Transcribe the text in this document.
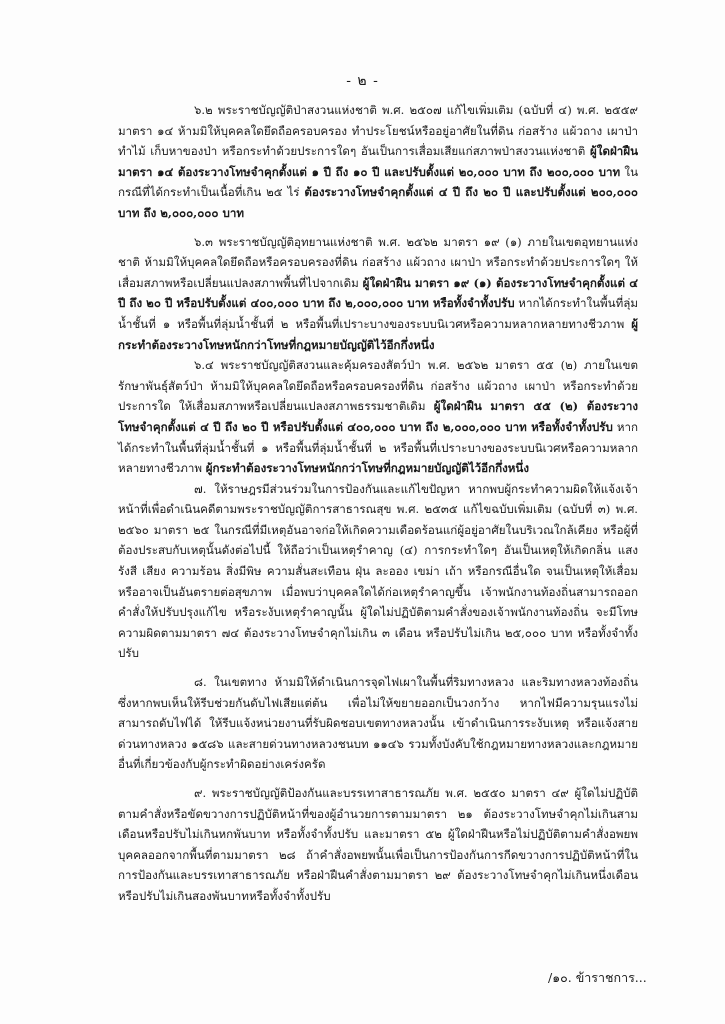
- ๒ -

๖.๒ พระราชบัญญัติป่าสงวนแห่งชาติ พ.ศ. ๒๕๐๗ แก้ไขเพิ่มเติม (ฉบับที่ ๔) พ.ศ. ๒๕๕๙ มาตรา ๑๔ ห้ามมิให้บุคคลใดยึดถือครอบครอง ทำประโยชน์หรืออยู่อาศัยในที่ดิน ก่อสร้าง แผ้วถาง เผาป่า ทำไม้ เก็บหาของป่า หรือกระทำด้วยประการใดๆ อันเป็นการเสื่อมเสียแก่สภาพป่าสงวนแห่งชาติ ผู้ใดฝ่าฝืน มาตรา ๑๔ ต้องระวางโทษจำคุกตั้งแต่ ๑ ปี ถึง ๑๐ ปี และปรับตั้งแต่ ๒๐,๐๐๐ บาท ถึง ๒๐๐,๐๐๐ บาท ในกรณีที่ได้กระทำเป็นเนื้อที่เกิน ๒๕ ไร่ ต้องระวางโทษจำคุกตั้งแต่ ๔ ปี ถึง ๒๐ ปี และปรับตั้งแต่ ๒๐๐,๐๐๐ บาท ถึง ๒,๐๐๐,๐๐๐ บาท

๖.๓ พระราชบัญญัติอุทยานแห่งชาติ พ.ศ. ๒๕๖๒ มาตรา ๑๙ (๑) ภายในเขตอุทยานแห่งชาติ ห้ามมิให้บุคคลใดยึดถือหรือครอบครองที่ดิน ก่อสร้าง แผ้วถาง เผาป่า หรือกระทำด้วยประการใดๆ ให้เสื่อมสภาพหรือเปลี่ยนแปลงสภาพพื้นที่ไปจากเดิม ผู้ใดฝ่าฝืน มาตรา ๑๙ (๑) ต้องระวางโทษจำคุกตั้งแต่ ๔ ปี ถึง ๒๐ ปี หรือปรับตั้งแต่ ๔๐๐,๐๐๐ บาท ถึง ๒,๐๐๐,๐๐๐ บาท หรือทั้งจำทั้งปรับ หากได้กระทำในพื้นที่ลุ่มน้ำชั้นที่ ๑ หรือพื้นที่ลุ่มน้ำชั้นที่ ๒ หรือพื้นที่เปราะบางของระบบนิเวศหรือความหลากหลายทางชีวภาพ ผู้กระทำต้องระวางโทษหนักกว่าโทษที่กฎหมายบัญญัติไว้อีกกึ่งหนึ่ง

๖.๔ พระราชบัญญัติสงวนและคุ้มครองสัตว์ป่า พ.ศ. ๒๕๖๒ มาตรา ๕๕ (๒) ภายในเขตรักษาพันธุ์สัตว์ป่า ห้ามมิให้บุคคลใดยึดถือหรือครอบครองที่ดิน ก่อสร้าง แผ้วถาง เผาป่า หรือกระทำด้วยประการใด ให้เสื่อมสภาพหรือเปลี่ยนแปลงสภาพธรรมชาติเดิม ผู้ใดฝ่าฝืน มาตรา ๕๕ (๒) ต้องระวางโทษจำคุกตั้งแต่ ๔ ปี ถึง ๒๐ ปี หรือปรับตั้งแต่ ๔๐๐,๐๐๐ บาท ถึง ๒,๐๐๐,๐๐๐ บาท หรือทั้งจำทั้งปรับ หากได้กระทำในพื้นที่ลุ่มน้ำชั้นที่ ๑ หรือพื้นที่ลุ่มน้ำชั้นที่ ๒ หรือพื้นที่เปราะบางของระบบนิเวศหรือความหลากหลายทางชีวภาพ ผู้กระทำต้องระวางโทษหนักกว่าโทษที่กฎหมายบัญญัติไว้อีกกึ่งหนึ่ง

๗. ให้ราษฎรมีส่วนร่วมในการป้องกันและแก้ไขปัญหา หากพบผู้กระทำความผิดให้แจ้งเจ้าหน้าที่เพื่อดำเนินคดีตามพระราชบัญญัติการสาธารณสุข พ.ศ. ๒๕๓๕ แก้ไขฉบับเพิ่มเติม (ฉบับที่ ๓) พ.ศ. ๒๕๖๐ มาตรา ๒๕ ในกรณีที่มีเหตุอันอาจก่อให้เกิดความเดือดร้อนแก่ผู้อยู่อาศัยในบริเวณใกล้เคียง หรือผู้ที่ต้องประสบกับเหตุนั้นดังต่อไปนี้ ให้ถือว่าเป็นเหตุรำคาญ (๔) การกระทำใดๆ อันเป็นเหตุให้เกิดกลิ่น แสง รังสี เสียง ความร้อน สิ่งมีพิษ ความสั่นสะเทือน ฝุ่น ละออง เขม่า เถ้า หรือกรณีอื่นใด จนเป็นเหตุให้เสื่อมหรืออาจเป็นอันตรายต่อสุขภาพ เมื่อพบว่าบุคคลใดได้ก่อเหตุรำคาญขึ้น เจ้าพนักงานท้องถิ่นสามารถออกคำสั่งให้ปรับปรุงแก้ไข หรือระงับเหตุรำคาญนั้น ผู้ใดไม่ปฏิบัติตามคำสั่งของเจ้าพนักงานท้องถิ่น จะมีโทษความผิดตามมาตรา ๗๔ ต้องระวางโทษจำคุกไม่เกิน ๓ เดือน หรือปรับไม่เกิน ๒๕,๐๐๐ บาท หรือทั้งจำทั้งปรับ

๘. ในเขตทาง ห้ามมิให้ดำเนินการจุดไฟเผาในพื้นที่ริมทางหลวง และริมทางหลวงท้องถิ่น ซึ่งหากพบเห็นให้รีบช่วยกันดับไฟเสียแต่ต้น เพื่อไม่ให้ขยายออกเป็นวงกว้าง หากไฟมีความรุนแรงไม่สามารถดับไฟได้ ให้รีบแจ้งหน่วยงานที่รับผิดชอบเขตทางหลวงนั้น เข้าดำเนินการระงับเหตุ หรือแจ้งสายด่วนทางหลวง ๑๕๘๖ และสายด่วนทางหลวงชนบท ๑๑๔๖ รวมทั้งบังคับใช้กฎหมายทางหลวงและกฎหมายอื่นที่เกี่ยวข้องกับผู้กระทำผิดอย่างเคร่งครัด

๙. พระราชบัญญัติป้องกันและบรรเทาสาธารณภัย พ.ศ. ๒๕๕๐ มาตรา ๔๙ ผู้ใดไม่ปฏิบัติตามคำสั่งหรือขัดขวางการปฏิบัติหน้าที่ของผู้อำนวยการตามมาตรา ๒๑ ต้องระวางโทษจำคุกไม่เกินสามเดือนหรือปรับไม่เกินหกพันบาท หรือทั้งจำทั้งปรับ และมาตรา ๕๒ ผู้ใดฝ่าฝืนหรือไม่ปฏิบัติตามคำสั่งอพยพบุคคลออกจากพื้นที่ตามมาตรา ๒๘ ถ้าคำสั่งอพยพนั้นเพื่อเป็นการป้องกันการกีดขวางการปฏิบัติหน้าที่ในการป้องกันและบรรเทาสาธารณภัย หรือฝ่าฝืนคำสั่งตามมาตรา ๒๙ ต้องระวางโทษจำคุกไม่เกินหนึ่งเดือนหรือปรับไม่เกินสองพันบาทหรือทั้งจำทั้งปรับ

/๑๐. ข้าราชการ...
